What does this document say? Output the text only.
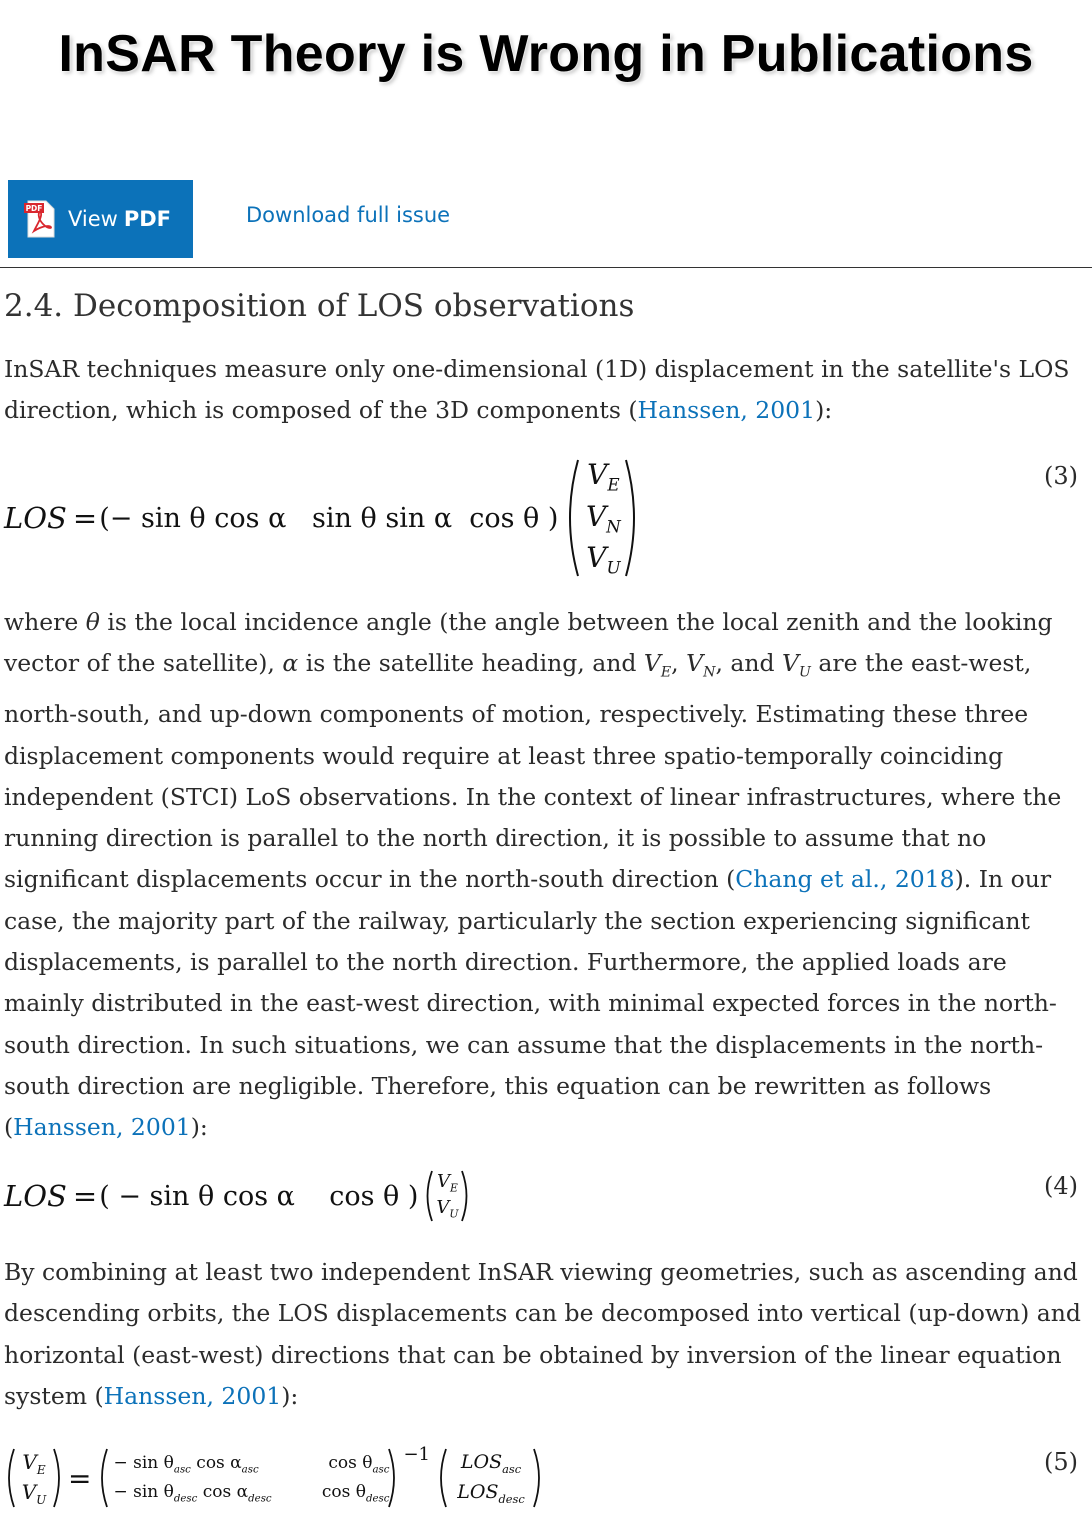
InSAR Theory is Wrong in Publications
PDF View PDF	Download full issue
2.4. Decomposition of LOS observations
InSAR techniques measure only one-dimensional (1D) displacement in the satellite's LOS direction, which is composed of the 3D components (Hanssen, 2001):
LOS = (− sin θ cos α   sin θ sin α  cos θ )
$V_E$
$V_N$
$V_U$
(3)
where θ is the local incidence angle (the angle between the local zenith and the looking vector of the satellite), α is the satellite heading, and $V_E$, $V_N$, and $V_U$ are the east-west, north-south, and up-down components of motion, respectively. Estimating these three displacement components would require at least three spatio-temporally coinciding independent (STCI) LoS observations. In the context of linear infrastructures, where the running direction is parallel to the north direction, it is possible to assume that no significant displacements occur in the north-south direction (Chang et al., 2018). In our case, the majority part of the railway, particularly the section experiencing significant displacements, is parallel to the north direction. Furthermore, the applied loads are mainly distributed in the east-west direction, with minimal expected forces in the north-south direction. In such situations, we can assume that the displacements in the north-south direction are negligible. Therefore, this equation can be rewritten as follows (Hanssen, 2001):
LOS = ( − sin θ cos α    cos θ ) $V_E$
$V_U$
(4)
By combining at least two independent InSAR viewing geometries, such as ascending and descending orbits, the LOS displacements can be decomposed into vertical (up-down) and horizontal (east-west) directions that can be obtained by inversion of the linear equation system (Hanssen, 2001):
$V_E$
$V_U$
= − $\sin \theta_{asc}$ $\cos \alpha_{asc}$	$\cos \theta_{asc}$
− $\sin \theta_{desc}$ $\cos \alpha_{desc}$	$\cos \theta_{desc}$
−1 $LOS_{asc}$
$LOS_{desc}$
(5)
